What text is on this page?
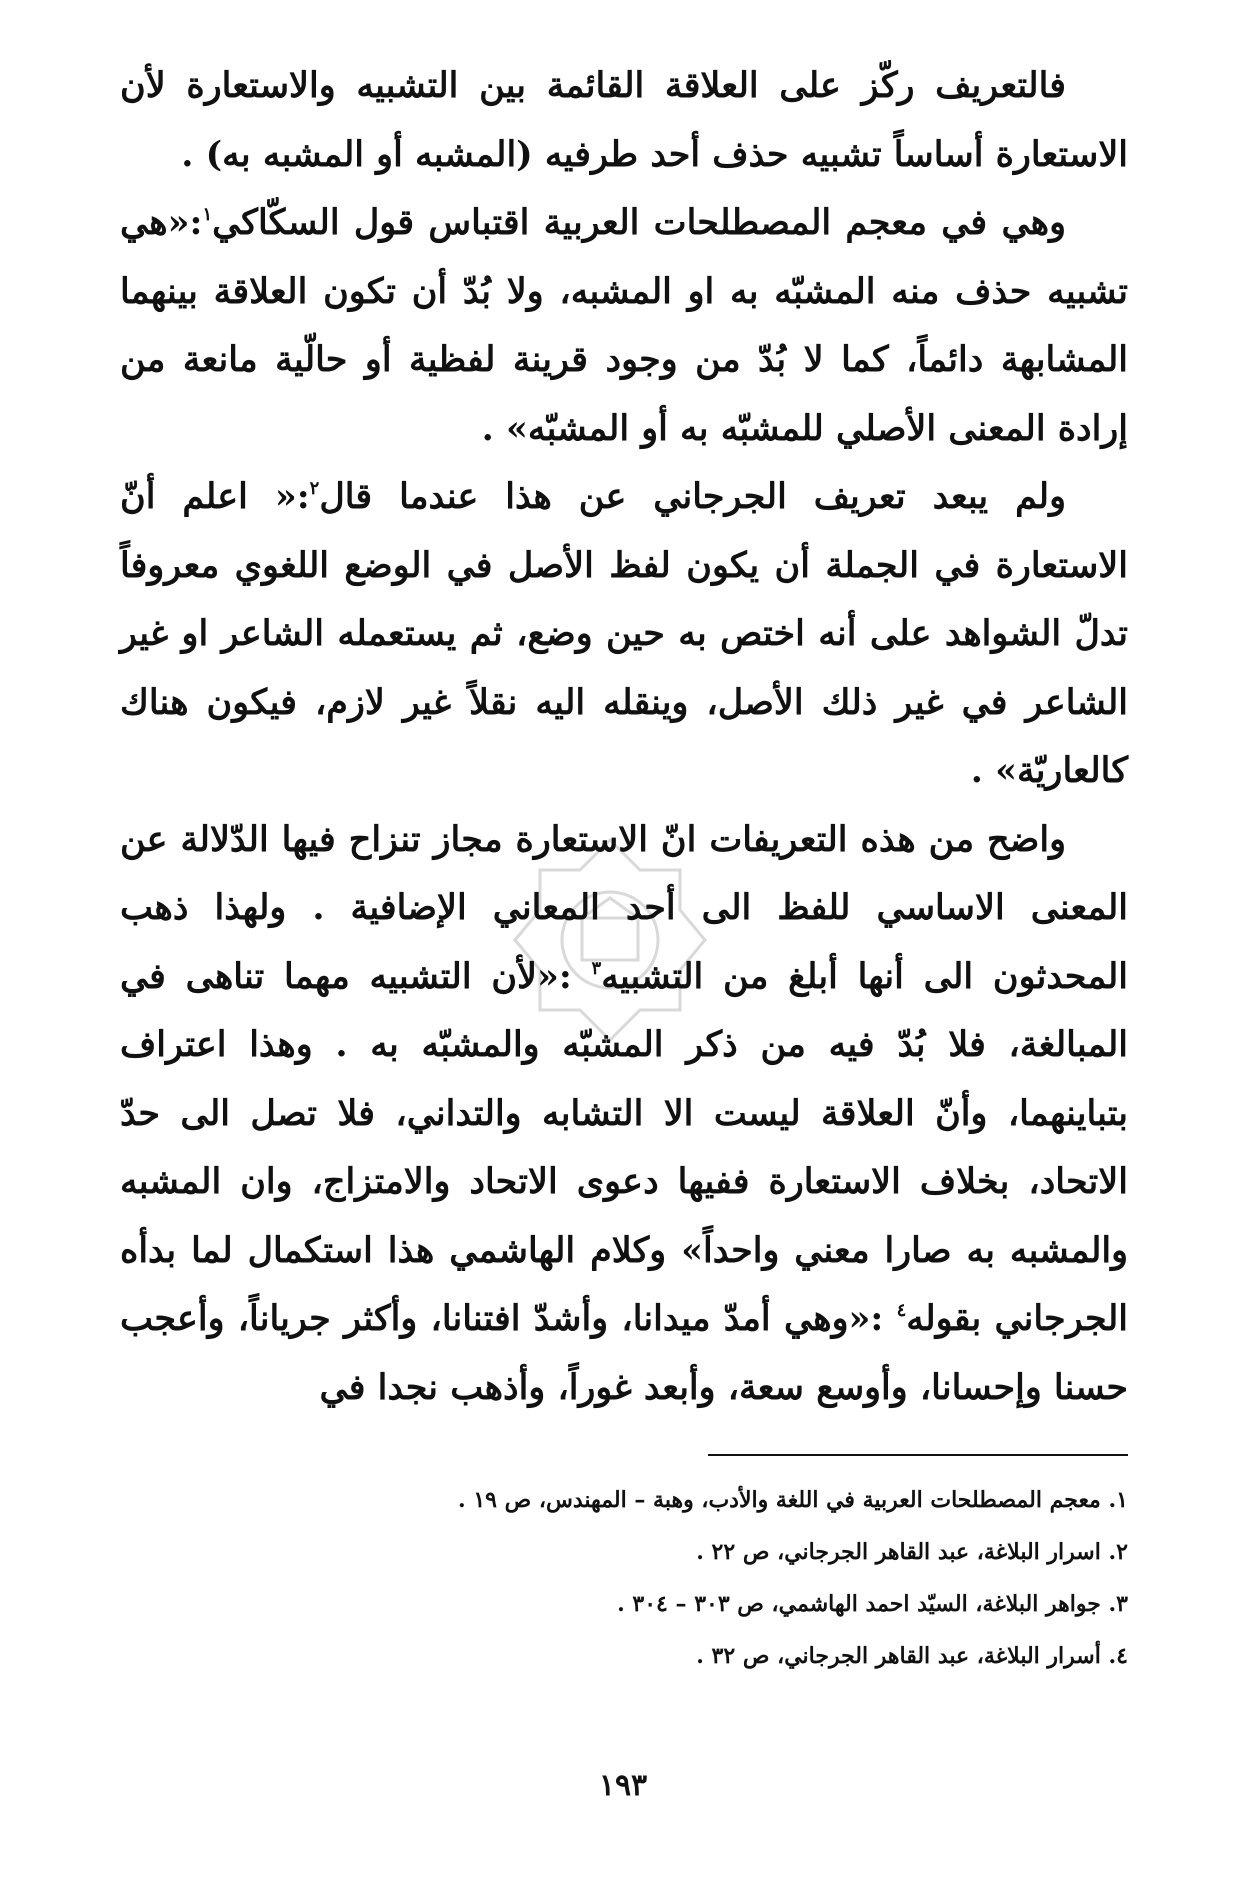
فالتعريف ركّز على العلاقة القائمة بين التشبيه والاستعارة لأن الاستعارة أساساً تشبيه حذف أحد طرفيه (المشبه أو المشبه به) .

وهي في معجم المصطلحات العربية اقتباس قول السكّاكي$^١$:«هي تشبيه حذف منه المشبّه به او المشبه، ولا بُدّ أن تكون العلاقة بينهما المشابهة دائماً، كما لا بُدّ من وجود قرينة لفظية أو حالّية مانعة من إرادة المعنى الأصلي للمشبّه به أو المشبّه» .

ولم يبعد تعريف الجرجاني عن هذا عندما قال$^٢$:« اعلم أنّ الاستعارة في الجملة أن يكون لفظ الأصل في الوضع اللغوي معروفاً تدلّ الشواهد على أنه اختص به حين وضع، ثم يستعمله الشاعر او غير الشاعر في غير ذلك الأصل، وينقله اليه نقلاً غير لازم، فيكون هناك كالعاريّة» .

واضح من هذه التعريفات انّ الاستعارة مجاز تنزاح فيها الدّلالة عن المعنى الاساسي للفظ الى أحد المعاني الإضافية . ولهذا ذهب المحدثون الى أنها أبلغ من التشبيه$^٣$ :«لأن التشبيه مهما تناهى في المبالغة، فلا بُدّ فيه من ذكر المشبّه والمشبّه به . وهذا اعتراف بتباينهما، وأنّ العلاقة ليست الا التشابه والتداني، فلا تصل الى حدّ الاتحاد، بخلاف الاستعارة ففيها دعوى الاتحاد والامتزاج، وان المشبه والمشبه به صارا معني واحداً» وكلام الهاشمي هذا استكمال لما بدأه الجرجاني بقوله$^٤$ :«وهي أمدّ ميدانا، وأشدّ افتنانا، وأكثر جرياناً، وأعجب حسنا وإحسانا، وأوسع سعة، وأبعد غوراً، وأذهب نجدا في

١. معجم المصطلحات العربية في اللغة والأدب، وهبة – المهندس، ص ١٩ .
٢. اسرار البلاغة، عبد القاهر الجرجاني، ص ٢٢ .
٣. جواهر البلاغة، السيّد احمد الهاشمي، ص ٣٠٣ – ٣٠٤ .
٤. أسرار البلاغة، عبد القاهر الجرجاني، ص ٣٢ .
١٩٣
